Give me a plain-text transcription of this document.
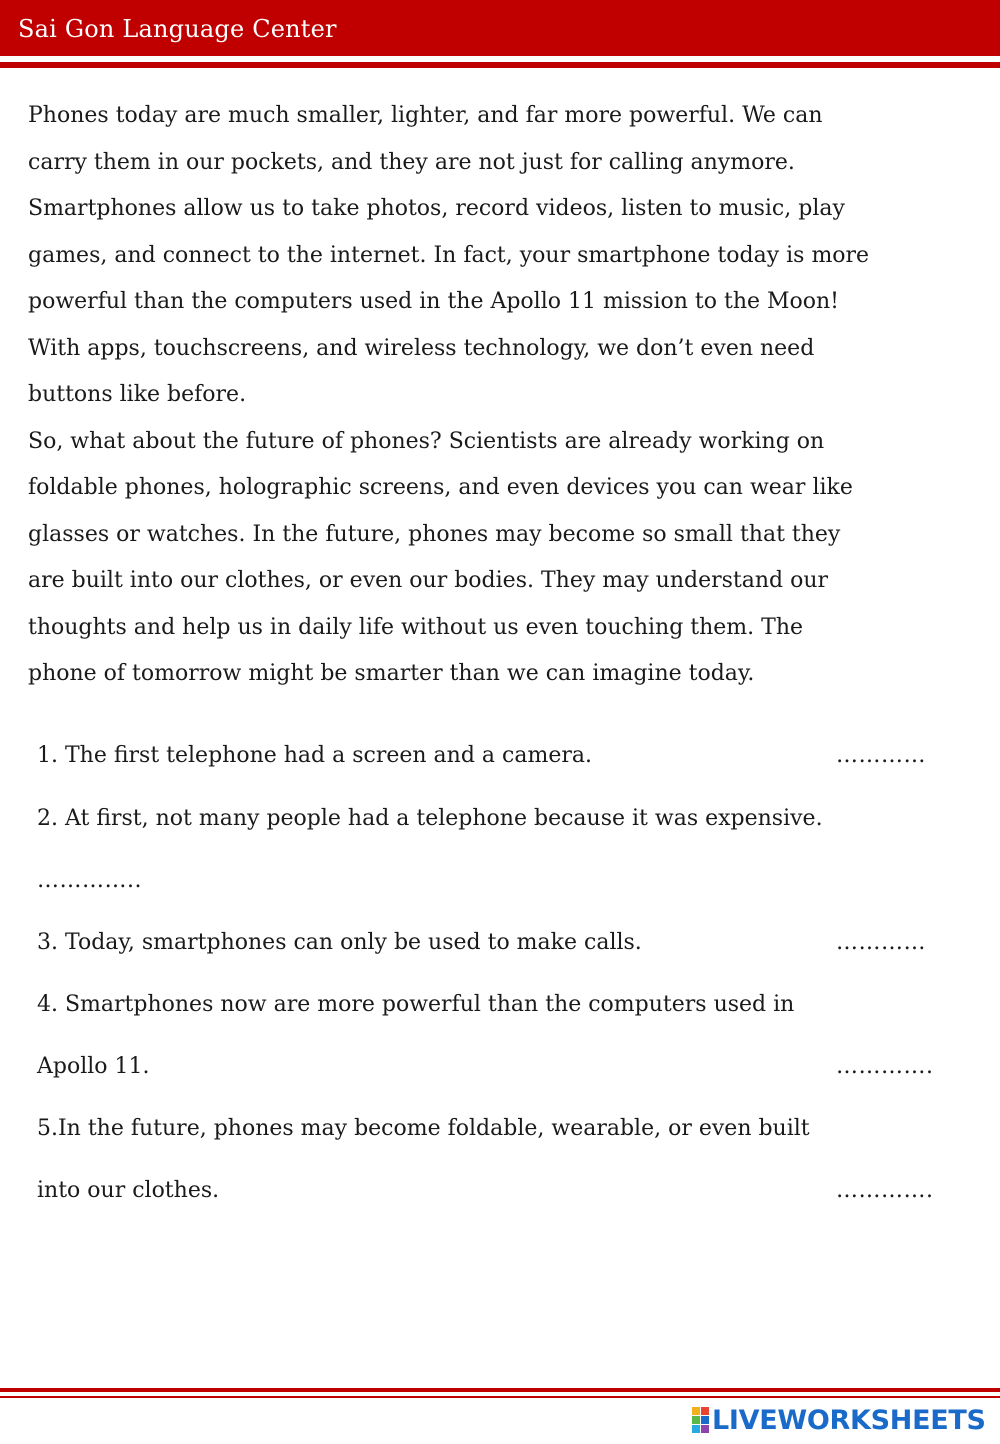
Sai Gon Language Center

Phones today are much smaller, lighter, and far more powerful. We can

carry them in our pockets, and they are not just for calling anymore.

Smartphones allow us to take photos, record videos, listen to music, play

games, and connect to the internet. In fact, your smartphone today is more

powerful than the computers used in the Apollo 11 mission to the Moon!

With apps, touchscreens, and wireless technology, we don’t even need

buttons like before.

So, what about the future of phones? Scientists are already working on

foldable phones, holographic screens, and even devices you can wear like

glasses or watches. In the future, phones may become so small that they

are built into our clothes, or even our bodies. They may understand our

thoughts and help us in daily life without us even touching them. The

phone of tomorrow might be smarter than we can imagine today.

1. The first telephone had a screen and a camera.	…………
2. At first, not many people had a telephone because it was expensive.
…………..
3. Today, smartphones can only be used to make calls.	…………
4. Smartphones now are more powerful than the computers used in
Apollo 11.	………….
5.In the future, phones may become foldable, wearable, or even built
into our clothes.	………….
LIVEWORKSHEETS
